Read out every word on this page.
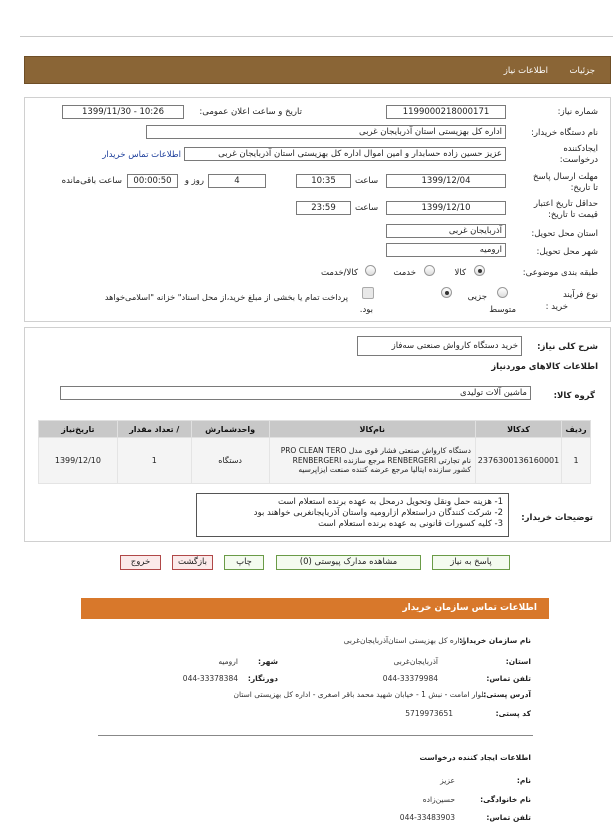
جزئیات
اطلاعات نیاز
شماره نیاز:
1199000218000171
تاریخ و ساعت اعلان عمومی:
1399/11/30 - 10:26
نام دستگاه خریدار:
اداره کل بهزیستی استان آذربایجان غربی
ایجادکننده
درخواست:
عزیز حسین زاده حسابدار و امین اموال اداره کل بهزیستی استان آذربایجان غربی
اطلاعات تماس خریدار
مهلت ارسال پاسخ
تا تاریخ:
1399/12/04
ساعت
10:35
4
روز و
00:00:50
ساعت باقی‌مانده
حداقل تاریخ اعتبار
قیمت تا تاریخ:
1399/12/10
ساعت
23:59
استان محل تحویل:
آذربایجان غربی
شهر محل تحویل:
ارومیه
طبقه بندی موضوعی:
کالا
خدمت
کالا/خدمت
نوع فرآیند
خرید :
جزیی
متوسط
پرداخت تمام یا بخشی از مبلغ خرید،از محل اسناد" خزانه "اسلامی‌خواهد
بود.
شرح کلی نیاز:
خرید دستگاه کارواش صنعتی سه‌فاز
اطلاعات کالاهای موردنیاز
گروه کالا:
ماشین آلات تولیدی
تاریخ‌نیاز	تعداد مقدار /	واحدشمارش	نام‌کالا	کدکالا	ردیف
1399/12/10	1	دستگاه	دستگاه کارواش صنعتی فشار قوی مدل PRO CLEAN TERO نام تجارتی RENBERGERI مرجع سازنده RENBERGERI کشور سازنده ایتالیا مرجع عرضه کننده صنعت ایزاپرسیه	2376300136160001	1
توضیحات خریدار:
1- هزینه حمل ونقل وتحویل درمحل به عهده برنده استعلام است
2- شرکت کنندگان دراستعلام ازارومیه واستان آذربایجانغربی خواهند بود
3- کلیه کسورات قانونی به عهده برنده استعلام است
پاسخ به نیاز
مشاهده مدارک پیوستی (0)
چاپ
بازگشت
خروج
اطلاعات تماس سازمان خریدار
نام سازمان خریدار:
اداره کل بهزیستی استان‌آذربایجان‌غربی
استان:
آذربایجان‌غربی
شهر:
ارومیه
تلفن تماس:
044-33379984
دورنگار:
044-33378384
آدرس پستی:
بلوار امامت - نبش 1 - خیابان شهید محمد باقر اصغری - اداره کل بهزیستی استان
کد پستی:
5719973651
اطلاعات ایجاد کننده درخواست
نام:
عزیز
نام خانوادگی:
حسین‌زاده
تلفن تماس:
044-33483903
